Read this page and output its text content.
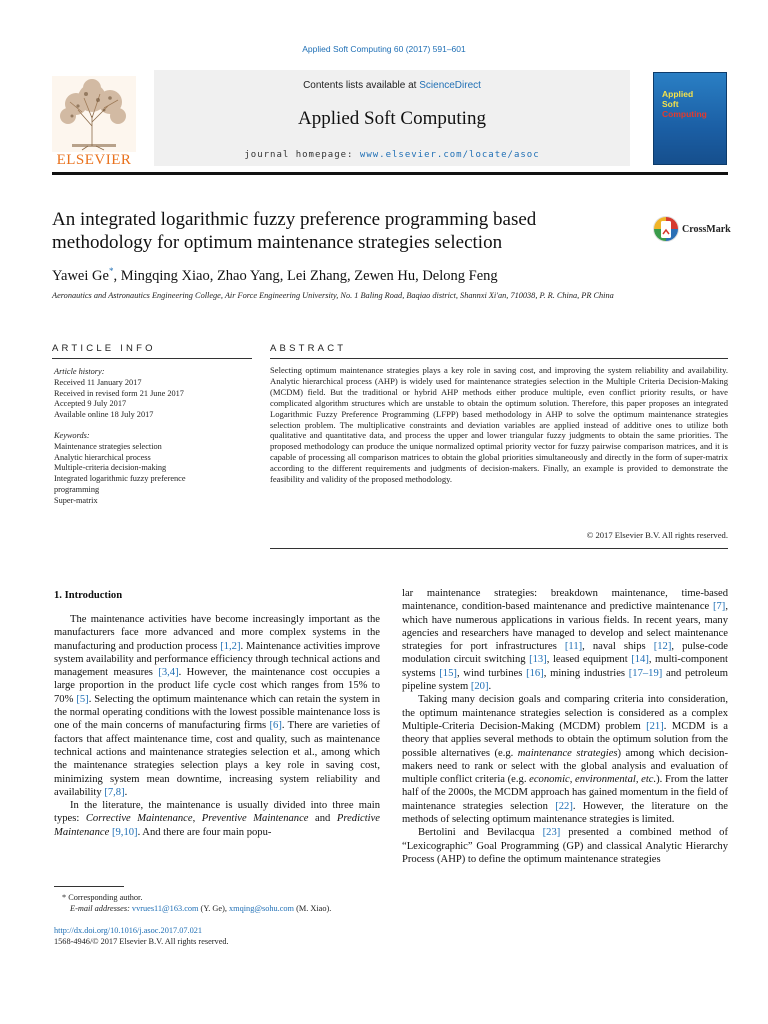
Applied Soft Computing 60 (2017) 591–601
ELSEVIER
Contents lists available at ScienceDirect
Applied Soft Computing
journal homepage: www.elsevier.com/locate/asoc
Applied
Soft
Computing
An integrated logarithmic fuzzy preference programming based methodology for optimum maintenance strategies selection
CrossMark
Yawei Ge*, Mingqing Xiao, Zhao Yang, Lei Zhang, Zewen Hu, Delong Feng
Aeronautics and Astronautics Engineering College, Air Force Engineering University, No. 1 Baling Road, Baqiao district, Shannxi Xi'an, 710038, P. R. China, PR China
ARTICLE INFO	ABSTRACT
Article history:
Received 11 January 2017
Received in revised form 21 June 2017
Accepted 9 July 2017
Available online 18 July 2017
Keywords:
Maintenance strategies selection
Analytic hierarchical process
Multiple-criteria decision-making
Integrated logarithmic fuzzy preference
programming
Super-matrix
Selecting optimum maintenance strategies plays a key role in saving cost, and improving the system reliability and availability. Analytic hierarchical process (AHP) is widely used for maintenance strategies selection in the Multiple Criteria Decision-Making (MCDM) field. But the traditional or hybrid AHP methods either produce multiple, even conflict priority results, or have complicated algorithm structures which are unstable to obtain the optimum solution. Therefore, this paper proposes an integrated Logarithmic Fuzzy Preference Programming (LFPP) based methodology in AHP to solve the optimum maintenance strategies selection problem. The multiplicative constraints and deviation variables are applied instead of additive ones to utilize both qualitative and quantitative data, and process the upper and lower triangular fuzzy judgments to obtain the same priorities. The proposed methodology can produce the unique normalized optimal priority vector for fuzzy pairwise comparison matrices, and it is capable of processing all comparison matrices to obtain the global priorities simultaneously and directly in the form of super-matrix according to the different requirements and judgments of decision-makers. Finally, an example is provided to demonstrate the feasibility and validity of the proposed methodology.
© 2017 Elsevier B.V. All rights reserved.
1. Introduction

The maintenance activities have become increasingly important as the manufacturers face more advanced and more complex systems in the manufacturing and production process [1,2]. Maintenance activities improve system availability and performance efficiency through technical actions and management measures [3,4]. However, the maintenance cost occupies a large proportion in the product life cycle cost which ranges from 15% to 70% [5]. Selecting the optimum maintenance which can retain the system in the normal operating conditions with the lowest possible maintenance loss is one of the main concerns of manufacturing firms [6]. There are varieties of factors that affect maintenance time, cost and quality, such as maintenance technical actions and maintenance strategies selection et al., among which the maintenance strategies selection plays a key role in saving cost, minimizing system mean downtime, increasing system reliability and availability [7,8].

In the literature, the maintenance is usually divided into three main types: Corrective Maintenance, Preventive Maintenance and Predictive Maintenance [9,10]. And there are four main popu-

lar maintenance strategies: breakdown maintenance, time-based maintenance, condition-based maintenance and predictive maintenance [7], which have numerous applications in various fields. In recent years, many agencies and researchers have managed to develop and select maintenance strategies for port infrastructures [11], naval ships [12], pulse-code modulation circuit switching [13], leased equipment [14], multi-component systems [15], wind turbines [16], mining industries [17–19] and petroleum pipeline system [20].

Taking many decision goals and comparing criteria into consideration, the optimum maintenance strategies selection is considered as a complex Multiple-Criteria Decision-Making (MCDM) problem [21]. MCDM is a theory that applies several methods to obtain the optimum solution from the possible alternatives (e.g. maintenance strategies) among which decision-makers need to rank or select with the global analysis and evaluation of multiple conflict criteria (e.g. economic, environmental, etc.). From the latter half of the 2000s, the MCDM approach has gained momentum in the field of maintenance strategies selection [22]. However, the literature on the methods of selecting optimum maintenance strategies is limited.

Bertolini and Bevilacqua [23] presented a combined method of “Lexicographic” Goal Programming (GP) and classical Analytic Hierarchy Process (AHP) to define the optimum maintenance strategies

* Corresponding author.
E-mail addresses: vvrues11@163.com (Y. Ge), xmqing@sohu.com (M. Xiao).
http://dx.doi.org/10.1016/j.asoc.2017.07.021
1568-4946/© 2017 Elsevier B.V. All rights reserved.
